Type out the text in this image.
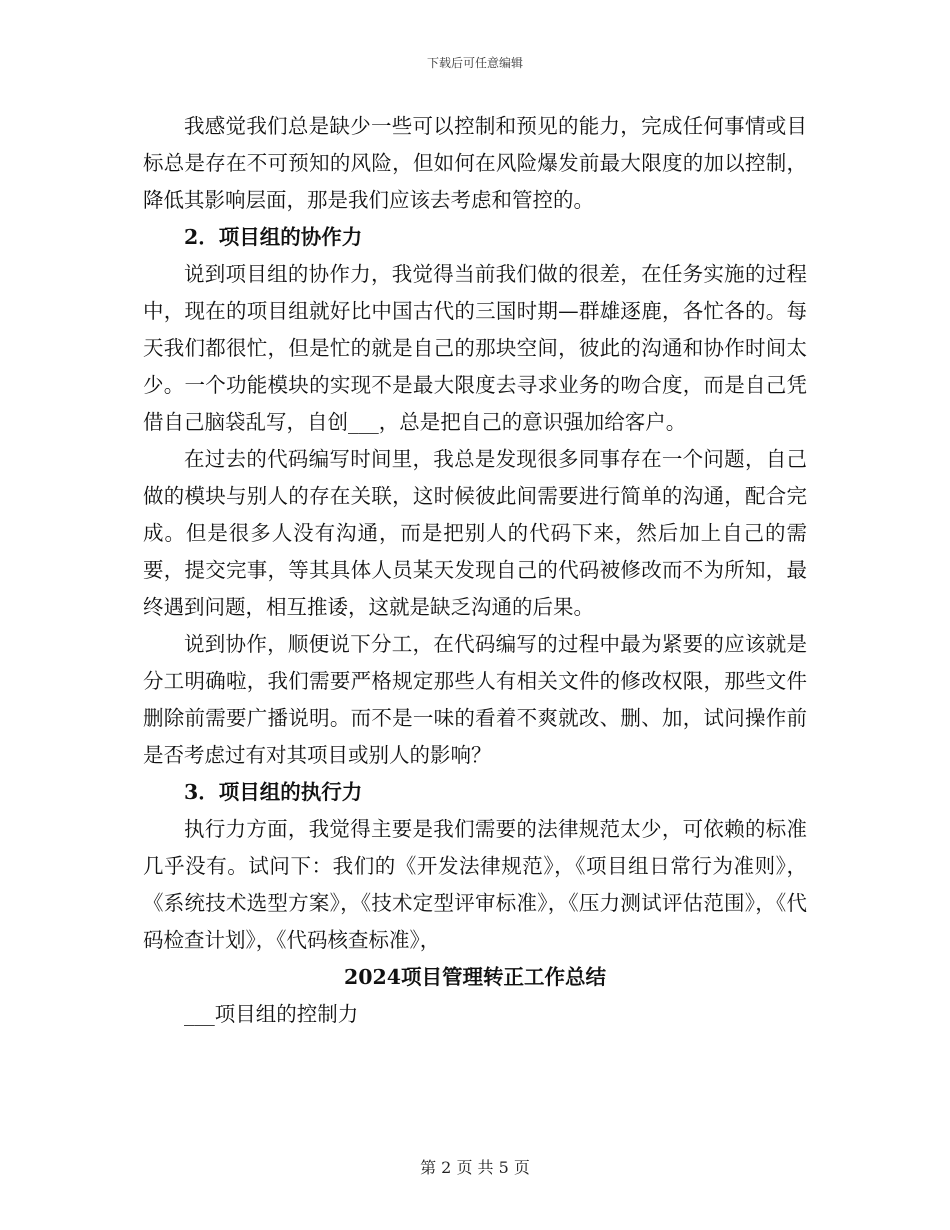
下载后可任意编辑

我感觉我们总是缺少一些可以控制和预见的能力，完成任何事情或目标总是存在不可预知的风险，但如何在风险爆发前最大限度的加以控制，降低其影响层面，那是我们应该去考虑和管控的。

2．项目组的协作力

说到项目组的协作力，我觉得当前我们做的很差，在任务实施的过程中，现在的项目组就好比中国古代的三国时期—群雄逐鹿，各忙各的。每天我们都很忙，但是忙的就是自己的那块空间，彼此的沟通和协作时间太少。一个功能模块的实现不是最大限度去寻求业务的吻合度，而是自己凭借自己脑袋乱写，自创___，总是把自己的意识强加给客户。

在过去的代码编写时间里，我总是发现很多同事存在一个问题，自己做的模块与别人的存在关联，这时候彼此间需要进行简单的沟通，配合完成。但是很多人没有沟通，而是把别人的代码下来，然后加上自己的需要，提交完事，等其具体人员某天发现自己的代码被修改而不为所知，最终遇到问题，相互推诿，这就是缺乏沟通的后果。

说到协作，顺便说下分工，在代码编写的过程中最为紧要的应该就是分工明确啦，我们需要严格规定那些人有相关文件的修改权限，那些文件删除前需要广播说明。而不是一味的看着不爽就改、删、加，试问操作前是否考虑过有对其项目或别人的影响？

3．项目组的执行力

执行力方面，我觉得主要是我们需要的法律规范太少，可依赖的标准几乎没有。试问下：我们的《开发法律规范》，《项目组日常行为准则》，《系统技术选型方案》，《技术定型评审标准》，《压力测试评估范围》，《代码检查计划》，《代码核查标准》，

2024项目管理转正工作总结

___项目组的控制力

第 2 页 共 5 页
